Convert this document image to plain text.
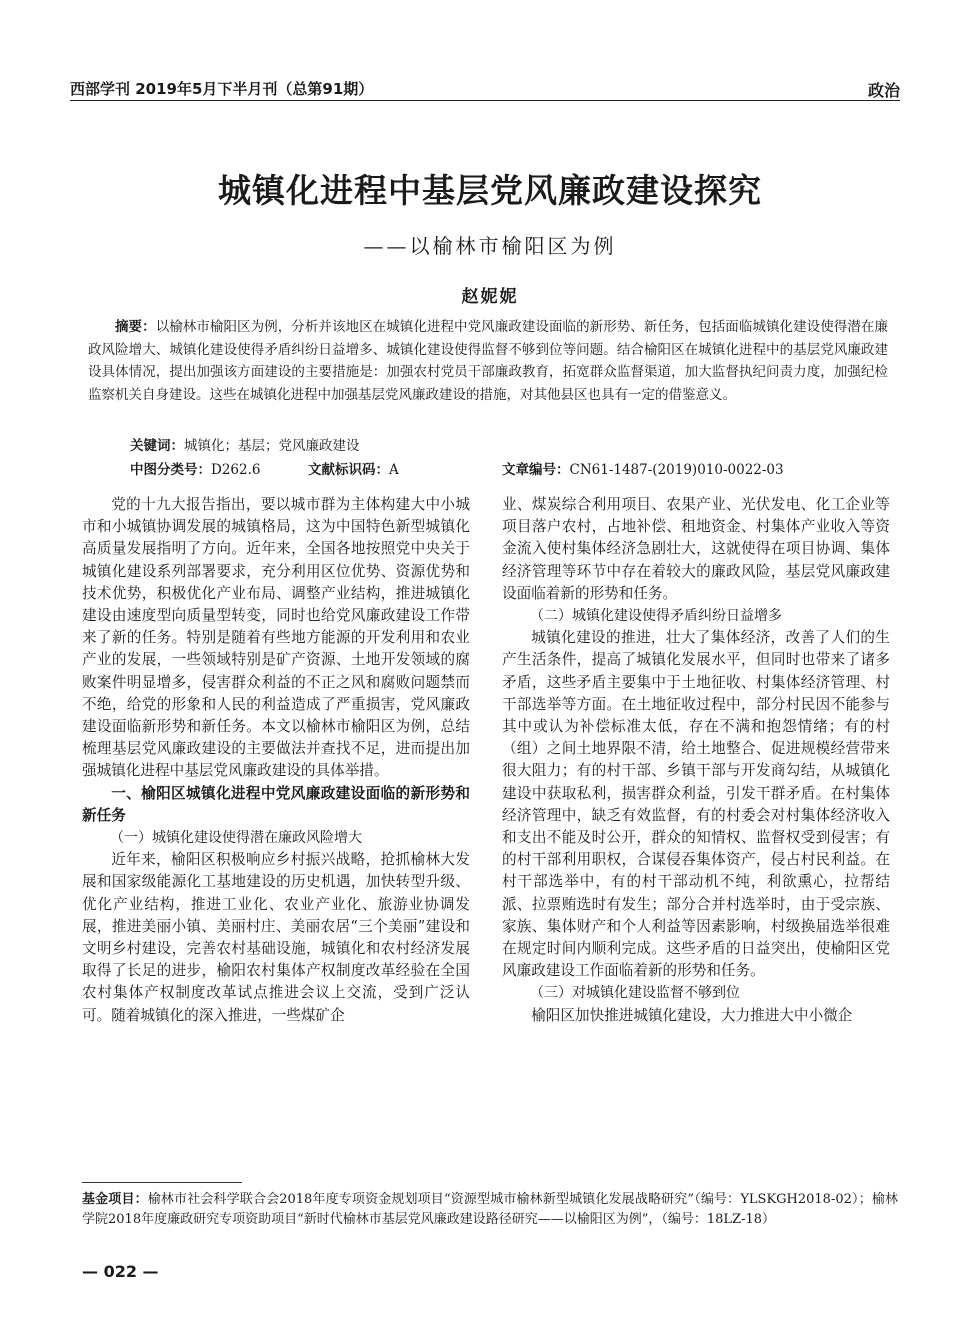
西部学刊 2019年5月下半月刊（总第91期）	政治
城镇化进程中基层党风廉政建设探究
——以榆林市榆阳区为例
赵妮妮

摘要：以榆林市榆阳区为例，分析并该地区在城镇化进程中党风廉政建设面临的新形势、新任务，包括面临城镇化建设使得潜在廉政风险增大、城镇化建设使得矛盾纠纷日益增多、城镇化建设使得监督不够到位等问题。结合榆阳区在城镇化进程中的基层党风廉政建设具体情况，提出加强该方面建设的主要措施是：加强农村党员干部廉政教育，拓宽群众监督渠道，加大监督执纪问责力度，加强纪检监察机关自身建设。这些在城镇化进程中加强基层党风廉政建设的措施，对其他县区也具有一定的借鉴意义。

关键词：城镇化；基层；党风廉政建设
中图分类号：D262.6	文献标识码：A	文章编号：CN61-1487-(2019)010-0022-03

党的十九大报告指出，要以城市群为主体构建大中小城市和小城镇协调发展的城镇格局，这为中国特色新型城镇化高质量发展指明了方向。近年来，全国各地按照党中央关于城镇化建设系列部署要求，充分利用区位优势、资源优势和技术优势，积极优化产业布局、调整产业结构，推进城镇化建设由速度型向质量型转变，同时也给党风廉政建设工作带来了新的任务。特别是随着有些地方能源的开发利用和农业产业的发展，一些领域特别是矿产资源、土地开发领域的腐败案件明显增多，侵害群众利益的不正之风和腐败问题禁而不绝，给党的形象和人民的利益造成了严重损害，党风廉政建设面临新形势和新任务。本文以榆林市榆阳区为例，总结梳理基层党风廉政建设的主要做法并查找不足，进而提出加强城镇化进程中基层党风廉政建设的具体举措。

一、榆阳区城镇化进程中党风廉政建设面临的新形势和新任务

（一）城镇化建设使得潜在廉政风险增大

近年来，榆阳区积极响应乡村振兴战略，抢抓榆林大发展和国家级能源化工基地建设的历史机遇，加快转型升级、优化产业结构，推进工业化、农业产业化、旅游业协调发展，推进美丽小镇、美丽村庄、美丽农居“三个美丽”建设和文明乡村建设，完善农村基础设施，城镇化和农村经济发展取得了长足的进步，榆阳农村集体产权制度改革经验在全国农村集体产权制度改革试点推进会议上交流，受到广泛认可。随着城镇化的深入推进，一些煤矿企

业、煤炭综合利用项目、农果产业、光伏发电、化工企业等项目落户农村，占地补偿、租地资金、村集体产业收入等资金流入使村集体经济急剧壮大，这就使得在项目协调、集体经济管理等环节中存在着较大的廉政风险，基层党风廉政建设面临着新的形势和任务。

（二）城镇化建设使得矛盾纠纷日益增多

城镇化建设的推进，壮大了集体经济，改善了人们的生产生活条件，提高了城镇化发展水平，但同时也带来了诸多矛盾，这些矛盾主要集中于土地征收、村集体经济管理、村干部选举等方面。在土地征收过程中，部分村民因不能参与其中或认为补偿标准太低，存在不满和抱怨情绪；有的村（组）之间土地界限不清，给土地整合、促进规模经营带来很大阻力；有的村干部、乡镇干部与开发商勾结，从城镇化建设中获取私利，损害群众利益，引发干群矛盾。在村集体经济管理中，缺乏有效监督，有的村委会对村集体经济收入和支出不能及时公开，群众的知情权、监督权受到侵害；有的村干部利用职权，合谋侵吞集体资产，侵占村民利益。在村干部选举中，有的村干部动机不纯，利欲熏心，拉帮结派、拉票贿选时有发生；部分合并村选举时，由于受宗族、家族、集体财产和个人利益等因素影响，村级换届选举很难在规定时间内顺利完成。这些矛盾的日益突出，使榆阳区党风廉政建设工作面临着新的形势和任务。

（三）对城镇化建设监督不够到位

榆阳区加快推进城镇化建设，大力推进大中小微企

基金项目：榆林市社会科学联合会2018年度专项资金规划项目“资源型城市榆林新型城镇化发展战略研究”（编号：YLSKGH2018-02）；榆林学院2018年度廉政研究专项资助项目“新时代榆林市基层党风廉政建设路径研究——以榆阳区为例”，（编号：18LZ-18）
— 022 —
